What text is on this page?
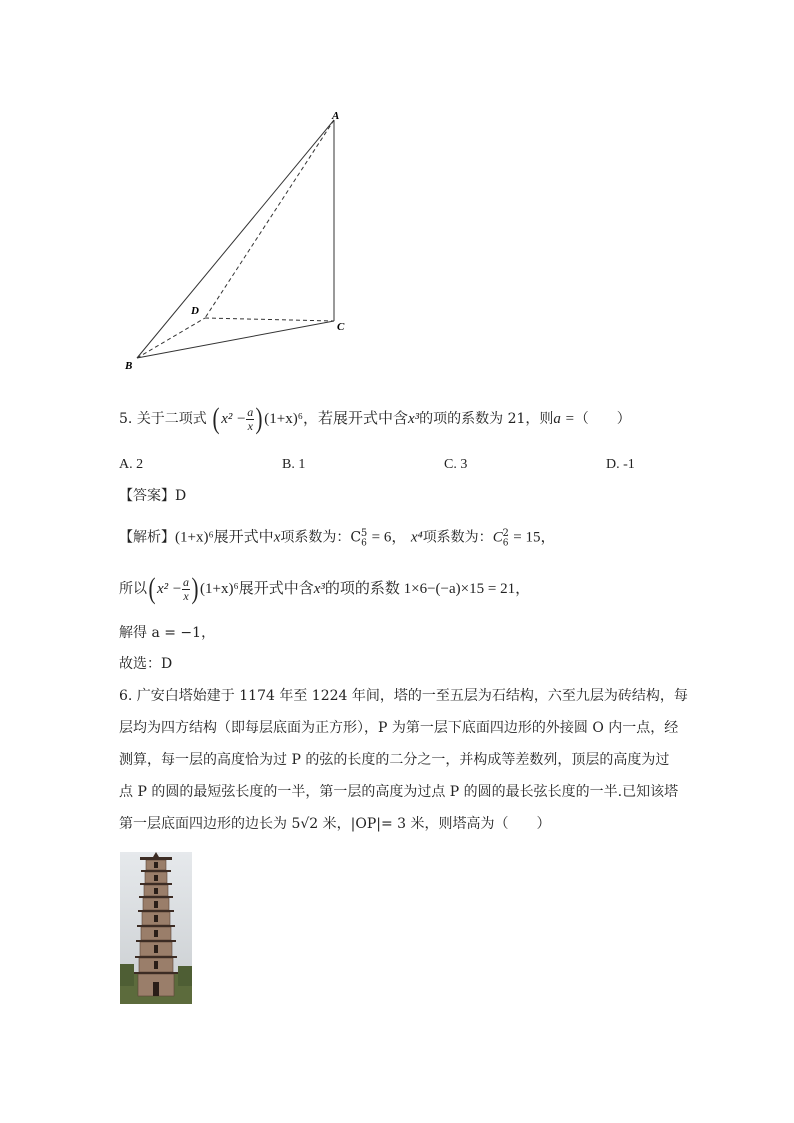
A
B
C
D
5. 关于二项式 ( $x^2 - \frac{a}{x}$ ) (1+x)⁶，若展开式中含x³的项的系数为 21，则a =（　　）
A. 2	B. 1	C. 3	D. -1
【答案】D
【解析】(1+x)⁶展开式中x项系数为：$C_6^5 = 6$， x⁴项系数为：$C_6^2 = 15$，
所以( $x^2 - \frac{a}{x}$ ) (1+x)⁶展开式中含x³的项的系数 1×6−(−a)×15 = 21，
解得 a = −1，
故选：D
6. 广安白塔始建于 1174 年至 1224 年间，塔的一至五层为石结构，六至九层为砖结构，每
层均为四方结构（即每层底面为正方形），P 为第一层下底面四边形的外接圆 O 内一点，经
测算，每一层的高度恰为过 P 的弦的长度的二分之一，并构成等差数列，顶层的高度为过
点 P 的圆的最短弦长度的一半，第一层的高度为过点 P 的圆的最长弦长度的一半.已知该塔
第一层底面四边形的边长为 5√2 米，|OP|= 3 米，则塔高为（　　）
